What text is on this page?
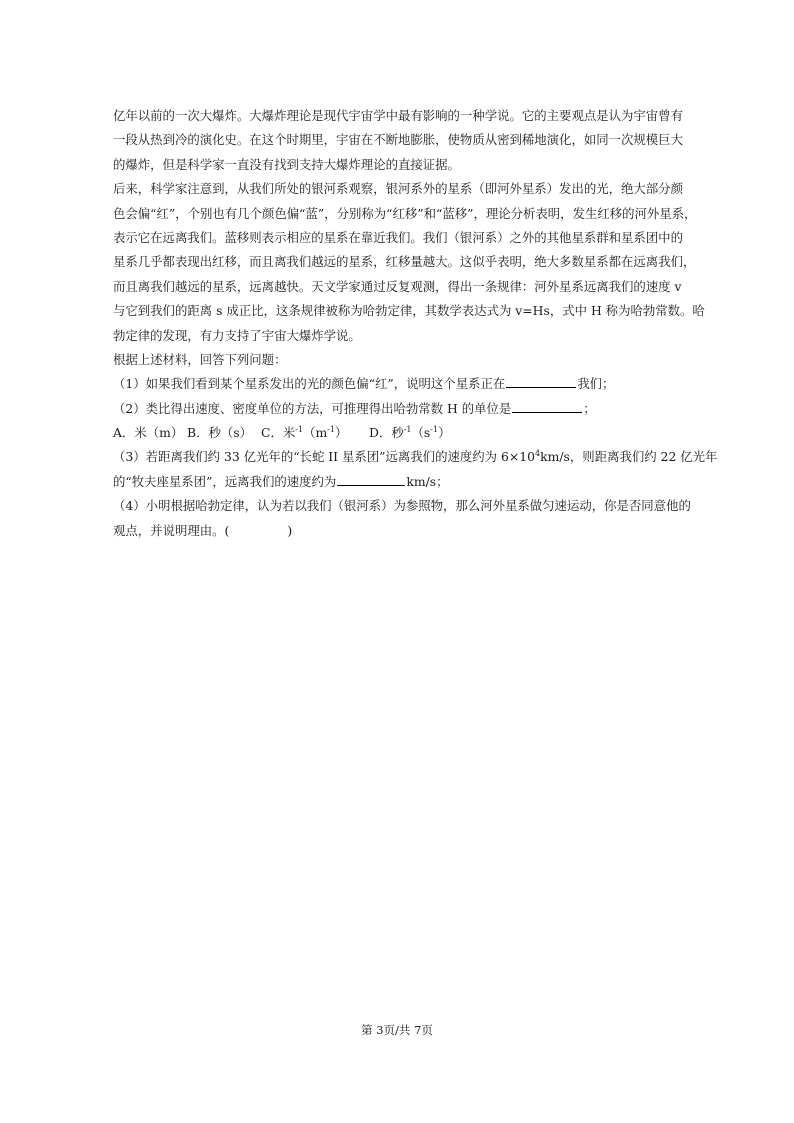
亿年以前的一次大爆炸。大爆炸理论是现代宇宙学中最有影响的一种学说。它的主要观点是认为宇宙曾有
一段从热到冷的演化史。在这个时期里，宇宙在不断地膨胀，使物质从密到稀地演化，如同一次规模巨大
的爆炸，但是科学家一直没有找到支持大爆炸理论的直接证据。
后来，科学家注意到，从我们所处的银河系观察，银河系外的星系（即河外星系）发出的光，绝大部分颜
色会偏“红”，个别也有几个颜色偏“蓝”，分别称为“红移”和“蓝移”，理论分析表明，发生红移的河外星系，
表示它在远离我们。蓝移则表示相应的星系在靠近我们。我们（银河系）之外的其他星系群和星系团中的
星系几乎都表现出红移，而且离我们越远的星系，红移量越大。这似乎表明，绝大多数星系都在远离我们，
而且离我们越远的星系，远离越快。天文学家通过反复观测，得出一条规律：河外星系远离我们的速度 v
与它到我们的距离 s 成正比，这条规律被称为哈勃定律，其数学表达式为 v=Hs，式中 H 称为哈勃常数。哈
勃定律的发现，有力支持了宇宙大爆炸学说。
根据上述材料，回答下列问题：
（1）如果我们看到某个星系发出的光的颜色偏“红”，说明这个星系正在	我们；
（2）类比得出速度、密度单位的方法，可推理得出哈勃常数 H 的单位是	；
A．米（m） B．秒（s） C．米$^{-1}(m^{-1})$ D．秒$^{-1}(s^{-1})$
（3）若距离我们约 33 亿光年的“长蛇 II 星系团”远离我们的速度约为 $6\times 10^4km/s$，则距离我们约 22 亿光年
的“牧夫座星系团”，远离我们的速度约为	km/s；
（4）小明根据哈勃定律，认为若以我们（银河系）为参照物，那么河外星系做匀速运动，你是否同意他的
观点，并说明理由。(	)
第 3页/共 7页
